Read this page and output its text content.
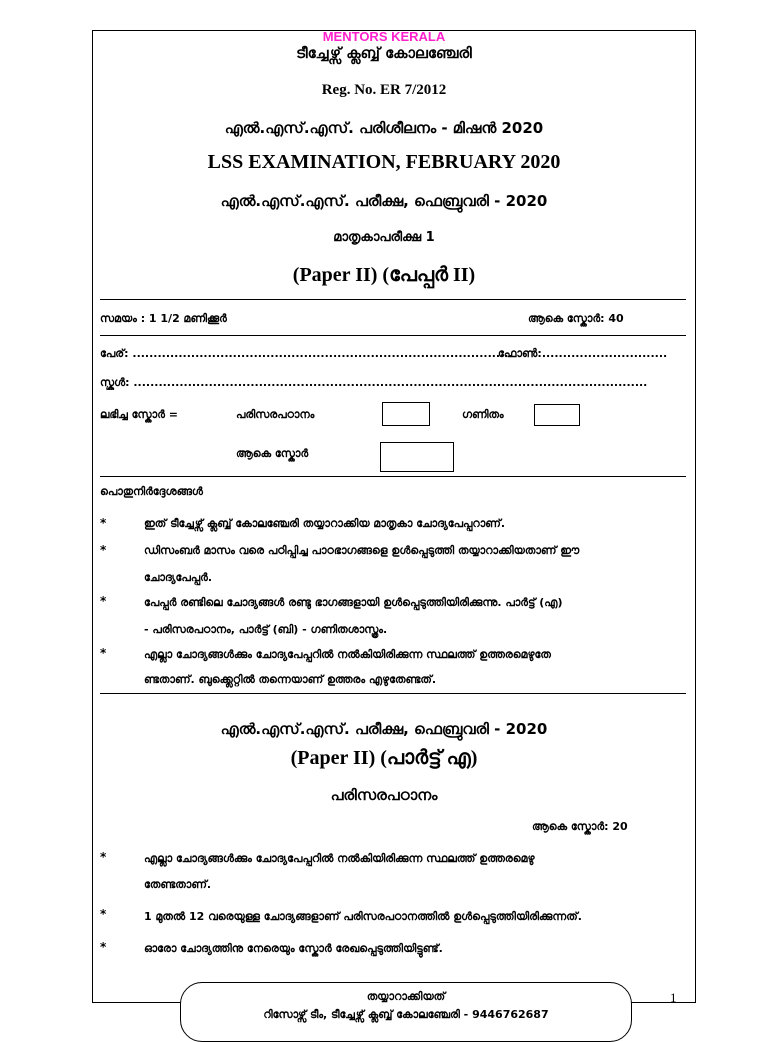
MENTORS KERALA
ടീച്ചേഴ്സ് ക്ലബ്ബ് കോലഞ്ചേരി
Reg. No. ER 7/2012
എൽ.എസ്.എസ്. പരിശീലനം - മിഷൻ 2020
LSS EXAMINATION, FEBRUARY 2020
എൽ.എസ്.എസ്. പരീക്ഷ, ഫെബ്രുവരി - 2020
മാതൃകാപരീക്ഷ 1
(Paper II) (പേപ്പർ II)
സമയം : 1 1/2 മണിക്കൂർ	ആകെ സ്കോർ: 40
പേര്: ...........................................................................................
ഫോൺ:..............................
സ്കൂൾ: ...........................................................................................................................
ലഭിച്ച സ്കോർ =	പരിസരപഠാനം	ഗണിതം
ആകെ സ്കോർ
പൊതുനിർദ്ദേശങ്ങൾ
*	ഇത് ടീച്ചേഴ്സ് ക്ലബ്ബ് കോലഞ്ചേരി തയ്യാറാക്കിയ മാതൃകാ ചോദ്യപേപ്പറാണ്.
*	ഡിസംബർ മാസം വരെ പഠിപ്പിച്ച പാഠഭാഗങ്ങളെ ഉൾപ്പെടുത്തി തയ്യാറാക്കിയതാണ് ഈ
ചോദ്യപേപ്പർ.
*	പേപ്പർ രണ്ടിലെ ചോദ്യങ്ങൾ രണ്ടു ഭാഗങ്ങളായി ഉൾപ്പെടുത്തിയിരിക്കുന്നു. പാർട്ട് (എ)
- പരിസരപഠാനം, പാർട്ട് (ബി) - ഗണിതശാസ്ത്രം.
*	എല്ലാ ചോദ്യങ്ങൾക്കും ചോദ്യപേപ്പറിൽ നൽകിയിരിക്കുന്ന സ്ഥലത്ത് ഉത്തരമെഴുതേ
ണ്ടതാണ്. ബുക്ക്ലെറ്റിൽ തന്നെയാണ് ഉത്തരം എഴുതേണ്ടത്.
എൽ.എസ്.എസ്. പരീക്ഷ, ഫെബ്രുവരി - 2020
(Paper II) (പാർട്ട് എ)
പരിസരപഠാനം
ആകെ സ്കോർ: 20
*	എല്ലാ ചോദ്യങ്ങൾക്കും ചോദ്യപേപ്പറിൽ നൽകിയിരിക്കുന്ന സ്ഥലത്ത് ഉത്തരമെഴു
തേണ്ടതാണ്.
*	1 മുതൽ 12 വരെയുള്ള ചോദ്യങ്ങളാണ് പരിസരപഠാനത്തിൽ ഉൾപ്പെടുത്തിയിരിക്കുന്നത്.
*	ഓരോ ചോദ്യത്തിനു നേരെയും സ്കോർ രേഖപ്പെടുത്തിയിട്ടുണ്ട്.
തയ്യാറാക്കിയത്
റിസോഴ്സ് ടീം, ടീച്ചേഴ്സ് ക്ലബ്ബ് കോലഞ്ചേരി - 9446762687
1
